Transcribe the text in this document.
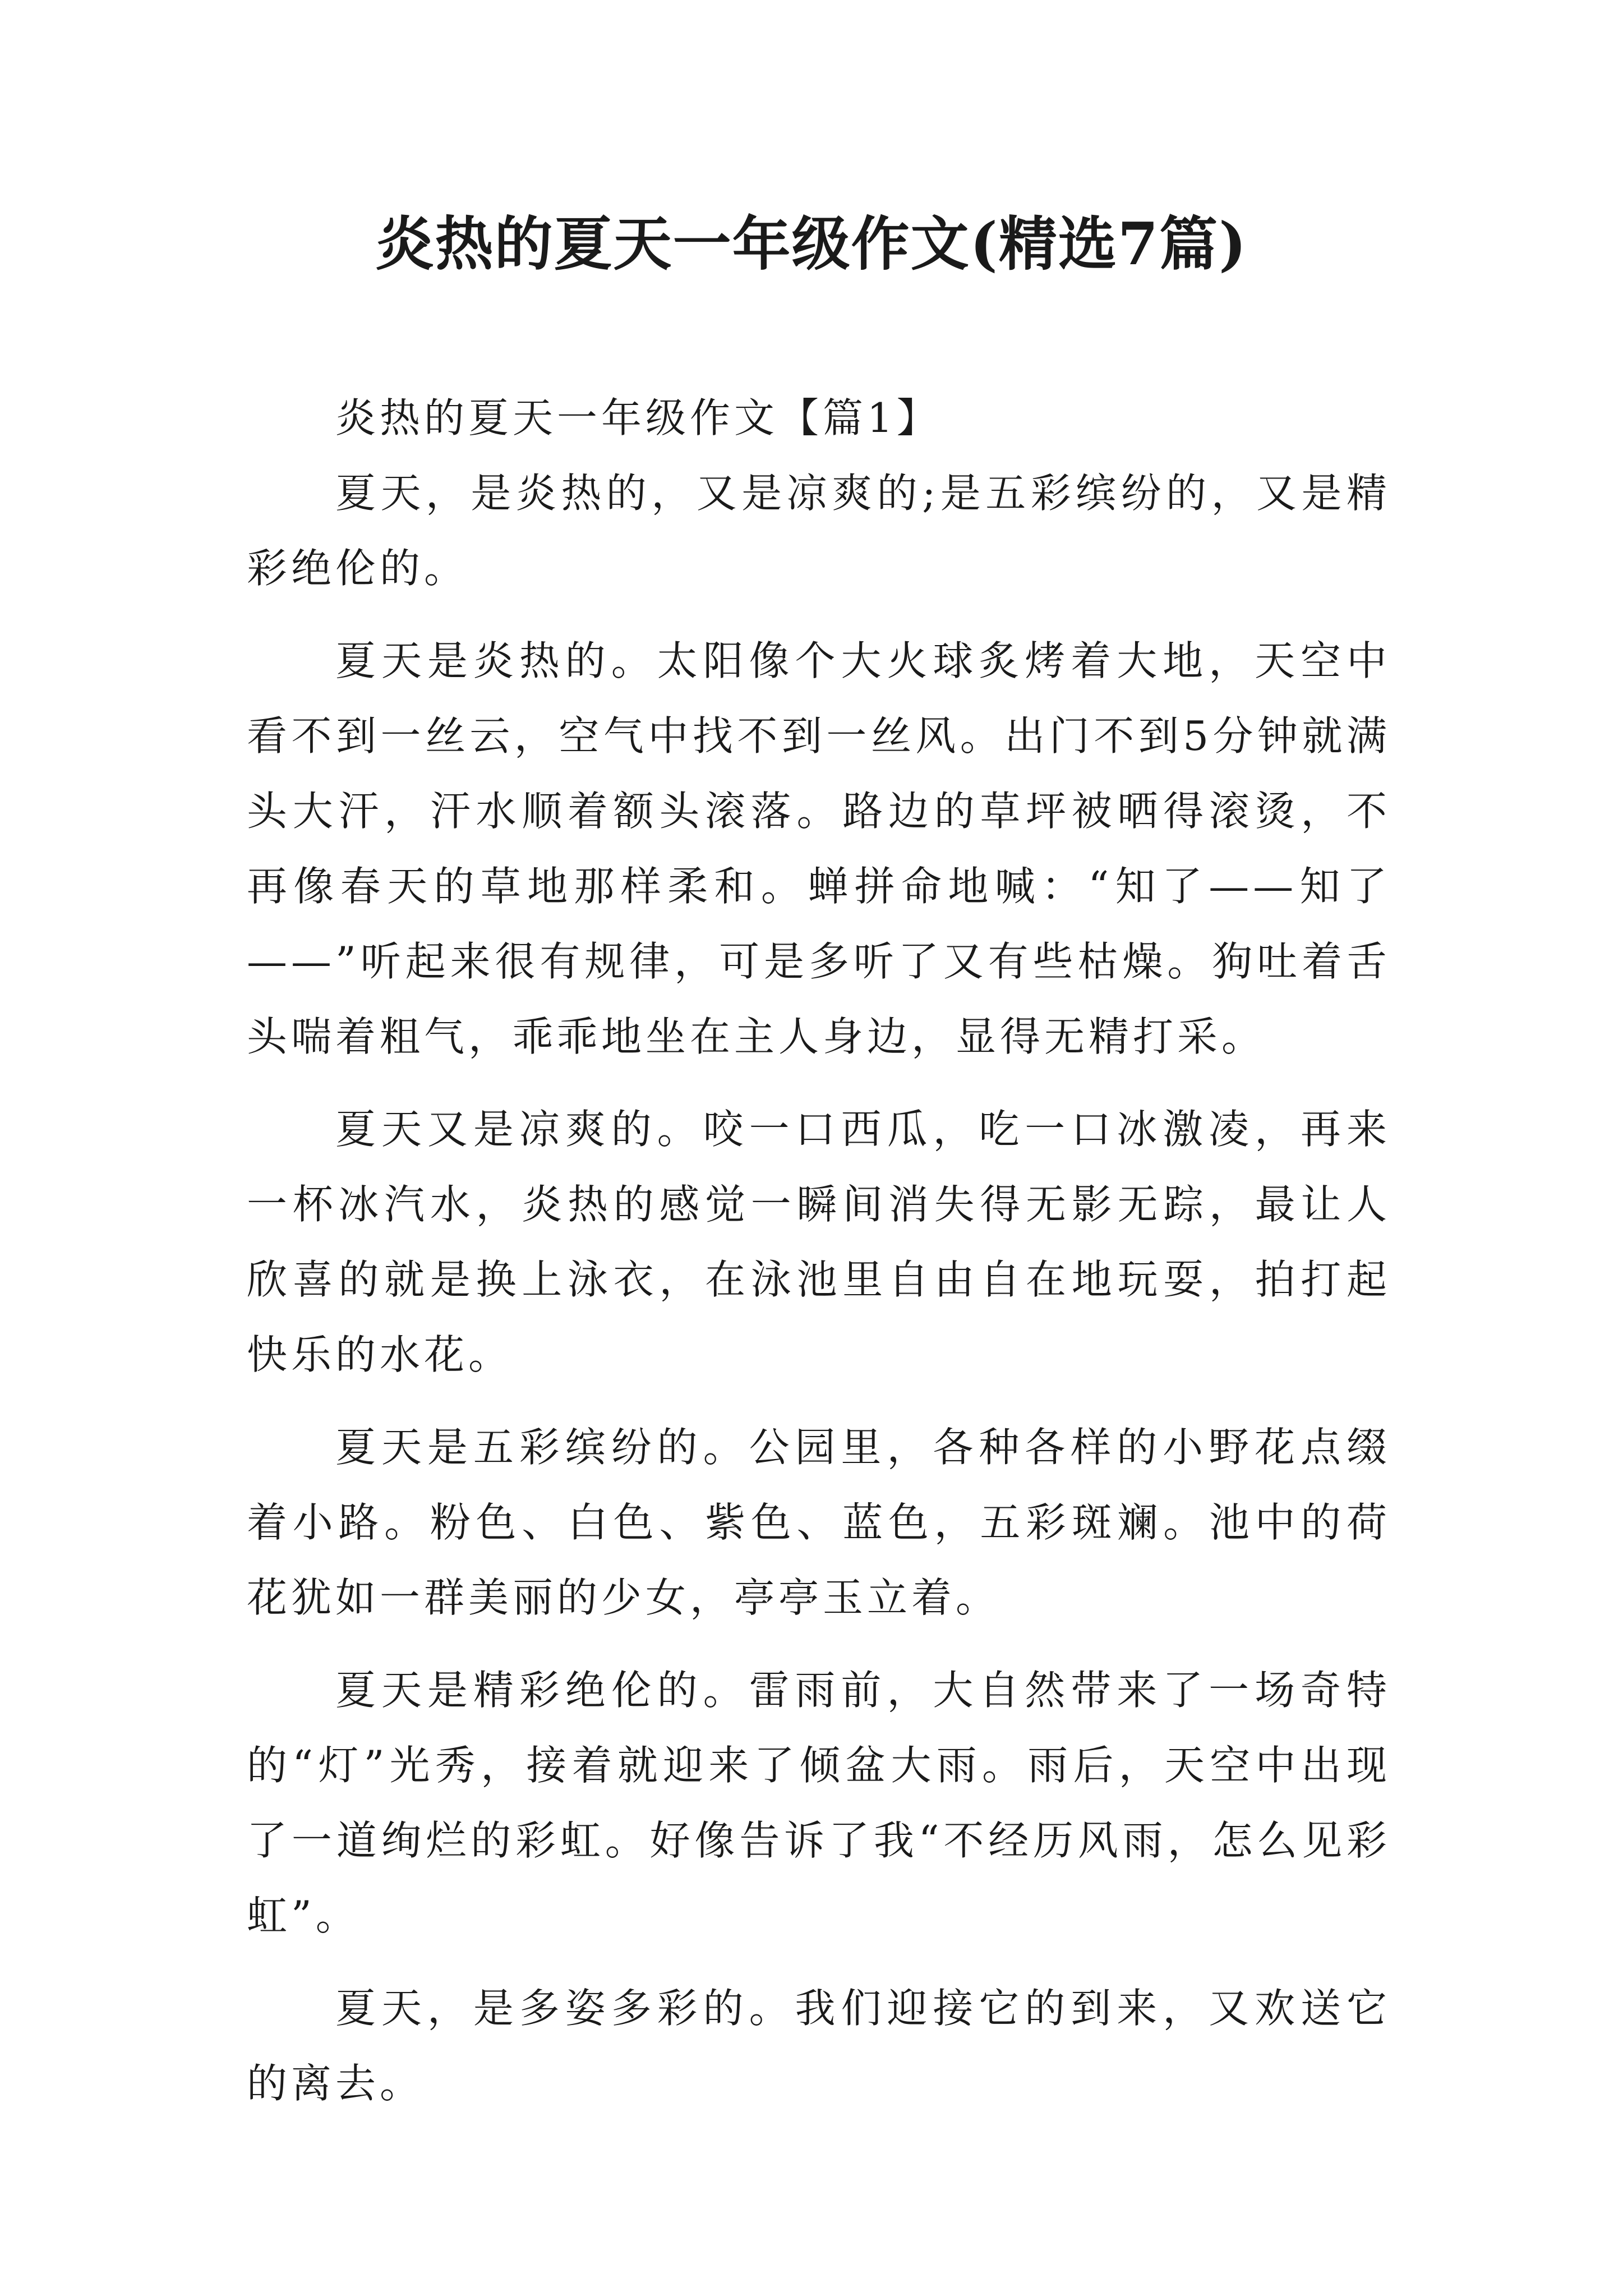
炎热的夏天一年级作文(精选7篇)

炎热的夏天一年级作文【篇1】

夏天，是炎热的，又是凉爽的;是五彩缤纷的，又是精彩绝伦的。

夏天是炎热的。太阳像个大火球炙烤着大地，天空中看不到一丝云，空气中找不到一丝风。出门不到5分钟就满头大汗，汗水顺着额头滚落。路边的草坪被晒得滚烫，不再像春天的草地那样柔和。蝉拼命地喊：“知了——知了——”听起来很有规律，可是多听了又有些枯燥。狗吐着舌头喘着粗气，乖乖地坐在主人身边，显得无精打采。

夏天又是凉爽的。咬一口西瓜，吃一口冰激凌，再来一杯冰汽水，炎热的感觉一瞬间消失得无影无踪，最让人欣喜的就是换上泳衣，在泳池里自由自在地玩耍，拍打起快乐的水花。

夏天是五彩缤纷的。公园里，各种各样的小野花点缀着小路。粉色、白色、紫色、蓝色，五彩斑斓。池中的荷花犹如一群美丽的少女，亭亭玉立着。

夏天是精彩绝伦的。雷雨前，大自然带来了一场奇特的“灯”光秀，接着就迎来了倾盆大雨。雨后，天空中出现了一道绚烂的彩虹。好像告诉了我“不经历风雨，怎么见彩虹”。

夏天，是多姿多彩的。我们迎接它的到来，又欢送它的离去。
